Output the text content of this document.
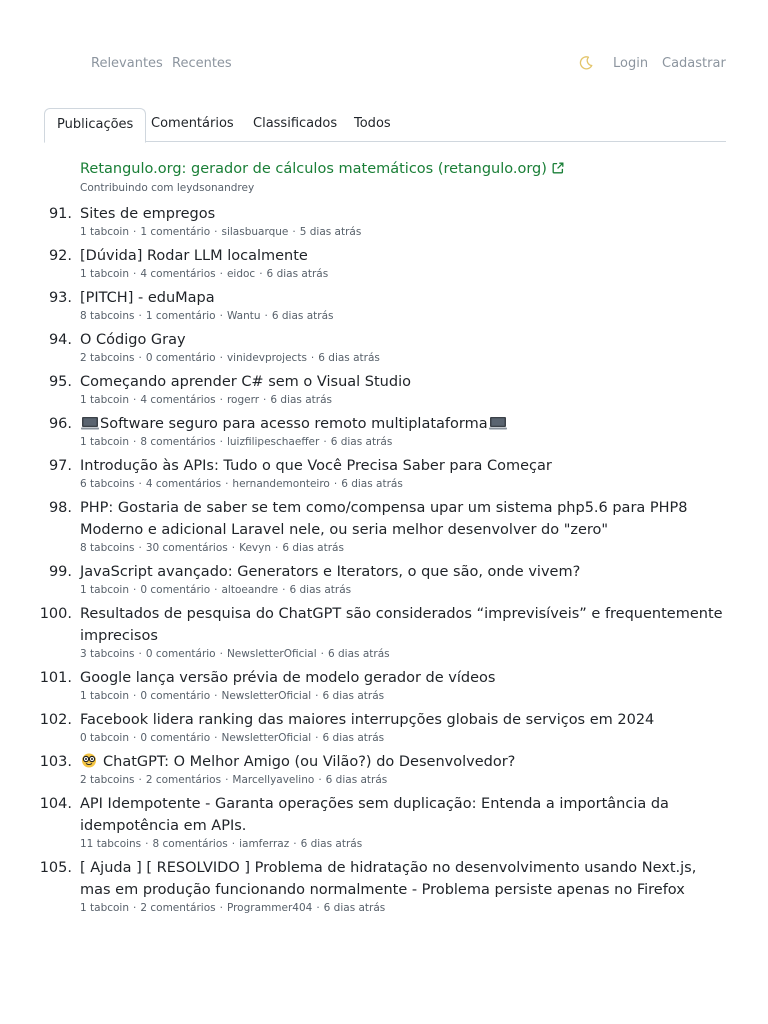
Relevantes Recentes	Login Cadastrar
Publicações	Comentários	Classificados	Todos
Retangulo.org: gerador de cálculos matemáticos (retangulo.org)
Contribuindo com leydsonandrey
91. Sites de empregos
1 tabcoin · 1 comentário · silasbuarque · 5 dias atrás
92. [Dúvida] Rodar LLM localmente
1 tabcoin · 4 comentários · eidoc · 6 dias atrás
93. [PITCH] - eduMapa
8 tabcoins · 1 comentário · Wantu · 6 dias atrás
94. O Código Gray
2 tabcoins · 0 comentário · vinidevprojects · 6 dias atrás
95. Começando aprender C# sem o Visual Studio
1 tabcoin · 4 comentários · rogerr · 6 dias atrás
96.	Software seguro para acesso remoto multiplataforma
1 tabcoin · 8 comentários · luizfilipeschaeffer · 6 dias atrás
97. Introdução às APIs: Tudo o que Você Precisa Saber para Começar
6 tabcoins · 4 comentários · hernandemonteiro · 6 dias atrás
98. PHP: Gostaria de saber se tem como/compensa upar um sistema php5.6 para PHP8 Moderno e adicional Laravel nele, ou seria melhor desenvolver do "zero"
8 tabcoins · 30 comentários · Kevyn · 6 dias atrás
99. JavaScript avançado: Generators e Iterators, o que são, onde vivem?
1 tabcoin · 0 comentário · altoeandre · 6 dias atrás
100. Resultados de pesquisa do ChatGPT são considerados “imprevisíveis” e frequentemente imprecisos
3 tabcoins · 0 comentário · NewsletterOficial · 6 dias atrás
101. Google lança versão prévia de modelo gerador de vídeos
1 tabcoin · 0 comentário · NewsletterOficial · 6 dias atrás
102. Facebook lidera ranking das maiores interrupções globais de serviços em 2024
0 tabcoin · 0 comentário · NewsletterOficial · 6 dias atrás
103.	ChatGPT: O Melhor Amigo (ou Vilão?) do Desenvolvedor?
2 tabcoins · 2 comentários · Marcellyavelino · 6 dias atrás
104. API Idempotente - Garanta operações sem duplicação: Entenda a importância da idempotência em APIs.
11 tabcoins · 8 comentários · iamferraz · 6 dias atrás
105. [ Ajuda ] [ RESOLVIDO ] Problema de hidratação no desenvolvimento usando Next.js, mas em produção funcionando normalmente - Problema persiste apenas no Firefox
1 tabcoin · 2 comentários · Programmer404 · 6 dias atrás
